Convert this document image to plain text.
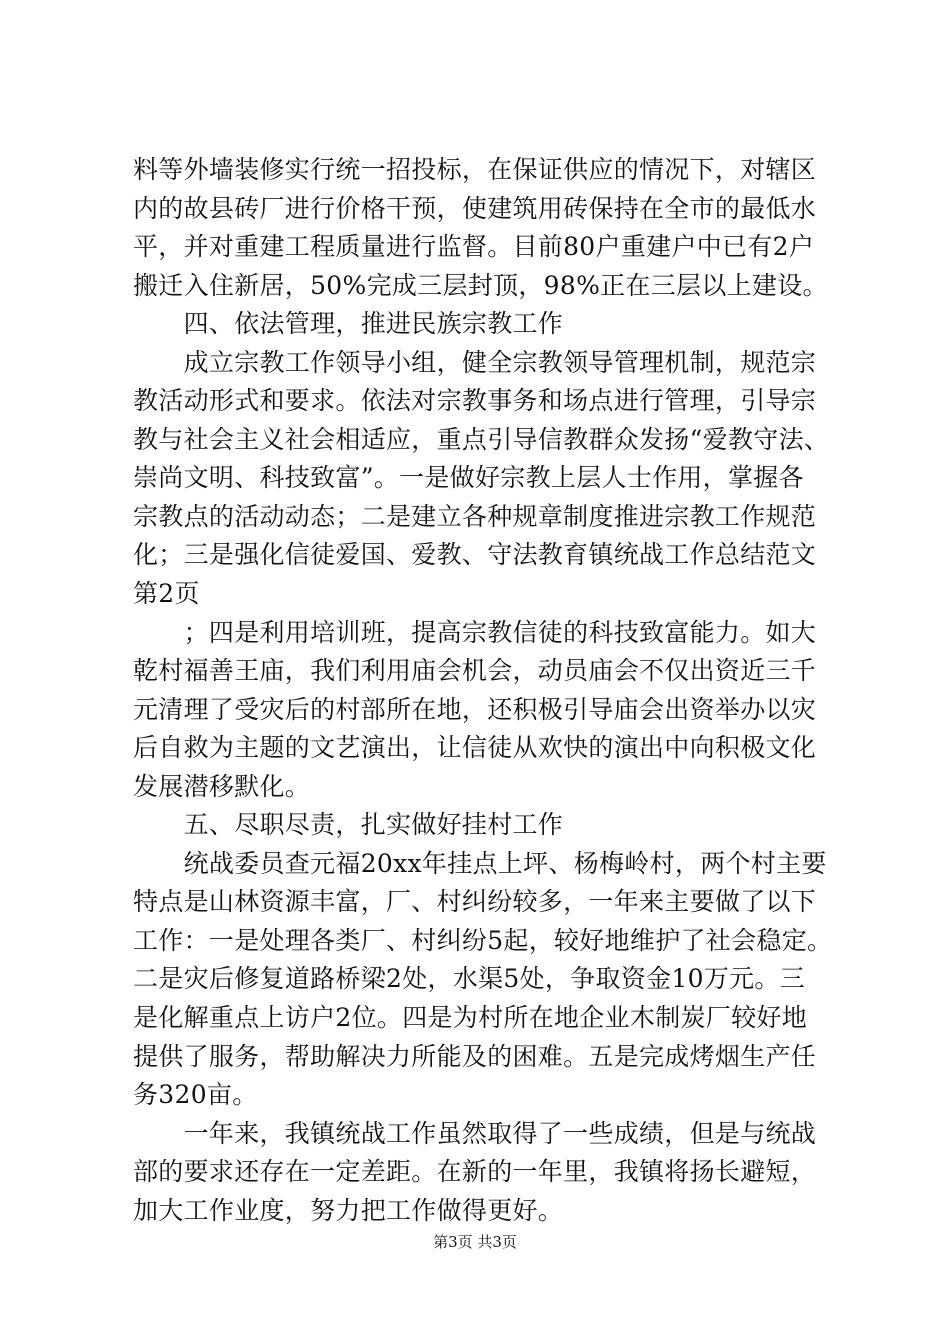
料等外墙装修实行统一招投标，在保证供应的情况下，对辖区
内的故县砖厂进行价格干预，使建筑用砖保持在全市的最低水
平，并对重建工程质量进行监督。目前80户重建户中已有2户
搬迁入住新居，50%完成三层封顶，98%正在三层以上建设。
　　四、依法管理，推进民族宗教工作
　　成立宗教工作领导小组，健全宗教领导管理机制，规范宗
教活动形式和要求。依法对宗教事务和场点进行管理，引导宗
教与社会主义社会相适应，重点引导信教群众发扬“爱教守法、
崇尚文明、科技致富”。一是做好宗教上层人士作用，掌握各
宗教点的活动动态；二是建立各种规章制度推进宗教工作规范
化；三是强化信徒爱国、爱教、守法教育镇统战工作总结范文
第2页
　　；四是利用培训班，提高宗教信徒的科技致富能力。如大
乾村福善王庙，我们利用庙会机会，动员庙会不仅出资近三千
元清理了受灾后的村部所在地，还积极引导庙会出资举办以灾
后自救为主题的文艺演出，让信徒从欢快的演出中向积极文化
发展潜移默化。
　　五、尽职尽责，扎实做好挂村工作
　　统战委员查元福20xx年挂点上坪、杨梅岭村，两个村主要
特点是山林资源丰富，厂、村纠纷较多，一年来主要做了以下
工作：一是处理各类厂、村纠纷5起，较好地维护了社会稳定。
二是灾后修复道路桥梁2处，水渠5处，争取资金10万元。三
是化解重点上访户2位。四是为村所在地企业木制炭厂较好地
提供了服务，帮助解决力所能及的困难。五是完成烤烟生产任
务320亩。
　　一年来，我镇统战工作虽然取得了一些成绩，但是与统战
部的要求还存在一定差距。在新的一年里，我镇将扬长避短，
加大工作业度，努力把工作做得更好。
第3页 共3页
